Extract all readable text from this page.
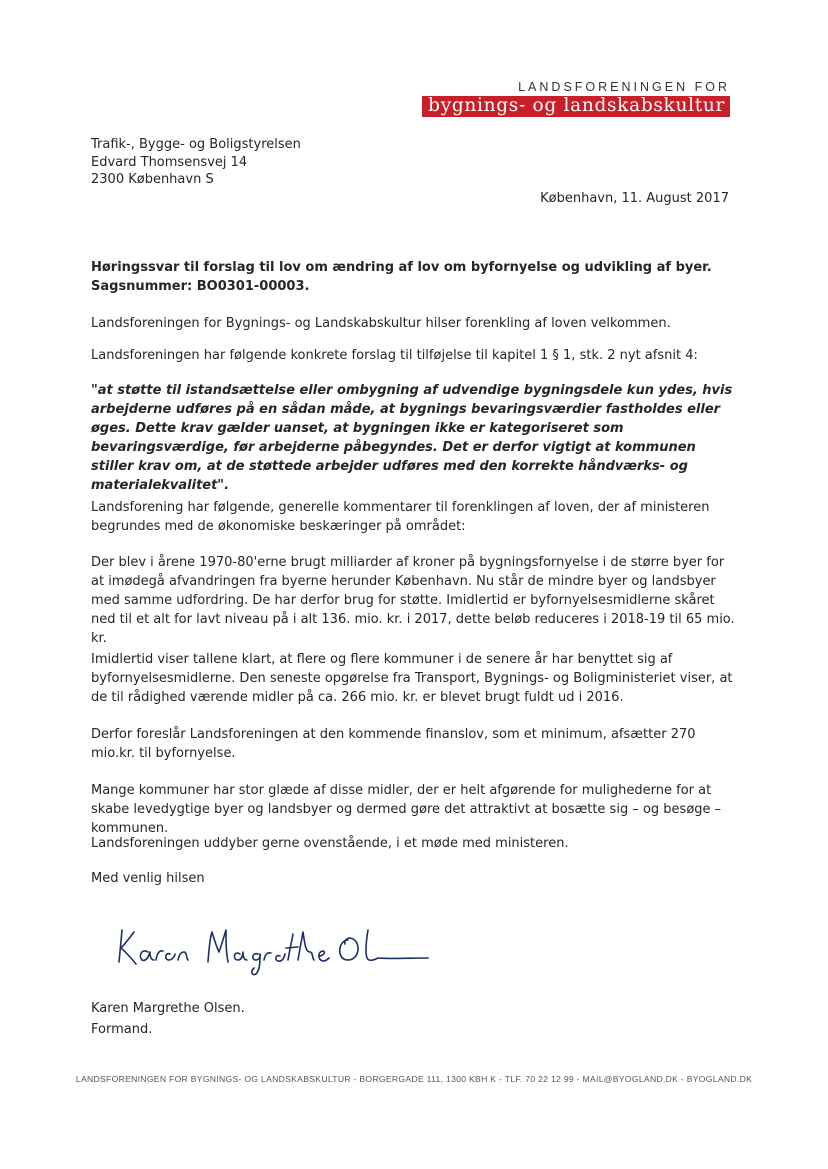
LANDSFORENINGEN FOR
bygnings- og landskabskultur
Trafik-, Bygge- og Boligstyrelsen
Edvard Thomsensvej 14
2300 København S
København, 11. August 2017

Høringssvar til forslag til lov om ændring af lov om byfornyelse og udvikling af byer. Sagsnummer: BO0301-00003.

Landsforeningen for Bygnings- og Landskabskultur hilser forenkling af loven velkommen.

Landsforeningen har følgende konkrete forslag til tilføjelse til kapitel 1 § 1, stk. 2 nyt afsnit 4:

"at støtte til istandsættelse eller ombygning af udvendige bygningsdele kun ydes, hvis arbejderne udføres på en sådan måde, at bygnings bevaringsværdier fastholdes eller øges. Dette krav gælder uanset, at bygningen ikke er kategoriseret som bevaringsværdige, før arbejderne påbegyndes. Det er derfor vigtigt at kommunen stiller krav om, at de støttede arbejder udføres med den korrekte håndværks- og materialekvalitet".

Landsforening har følgende, generelle kommentarer til forenklingen af loven, der af ministeren begrundes med de økonomiske beskæringer på området:

Der blev i årene 1970-80'erne brugt milliarder af kroner på bygningsfornyelse i de større byer for at imødegå afvandringen fra byerne herunder København. Nu står de mindre byer og landsbyer med samme udfordring. De har derfor brug for støtte. Imidlertid er byfornyelsesmidlerne skåret ned til et alt for lavt niveau på i alt 136. mio. kr. i 2017, dette beløb reduceres i 2018-19 til 65 mio. kr.

Imidlertid viser tallene klart, at flere og flere kommuner i de senere år har benyttet sig af byfornyelsesmidlerne. Den seneste opgørelse fra Transport, Bygnings- og Boligministeriet viser, at de til rådighed værende midler på ca. 266 mio. kr. er blevet brugt fuldt ud i 2016.

Derfor foreslår Landsforeningen at den kommende finanslov, som et minimum, afsætter 270 mio.kr. til byfornyelse.

Mange kommuner har stor glæde af disse midler, der er helt afgørende for mulighederne for at skabe levedygtige byer og landsbyer og dermed gøre det attraktivt at bosætte sig – og besøge – kommunen.

Landsforeningen uddyber gerne ovenstående, i et møde med ministeren.

Med venlig hilsen

Karen Margrethe Olsen.
Formand.
LANDSFORENINGEN FOR BYGNINGS- OG LANDSKABSKULTUR - BORGERGADE 111, 1300 KBH K - TLF. 70 22 12 99 - MAIL@BYOGLAND.DK - BYOGLAND.DK
